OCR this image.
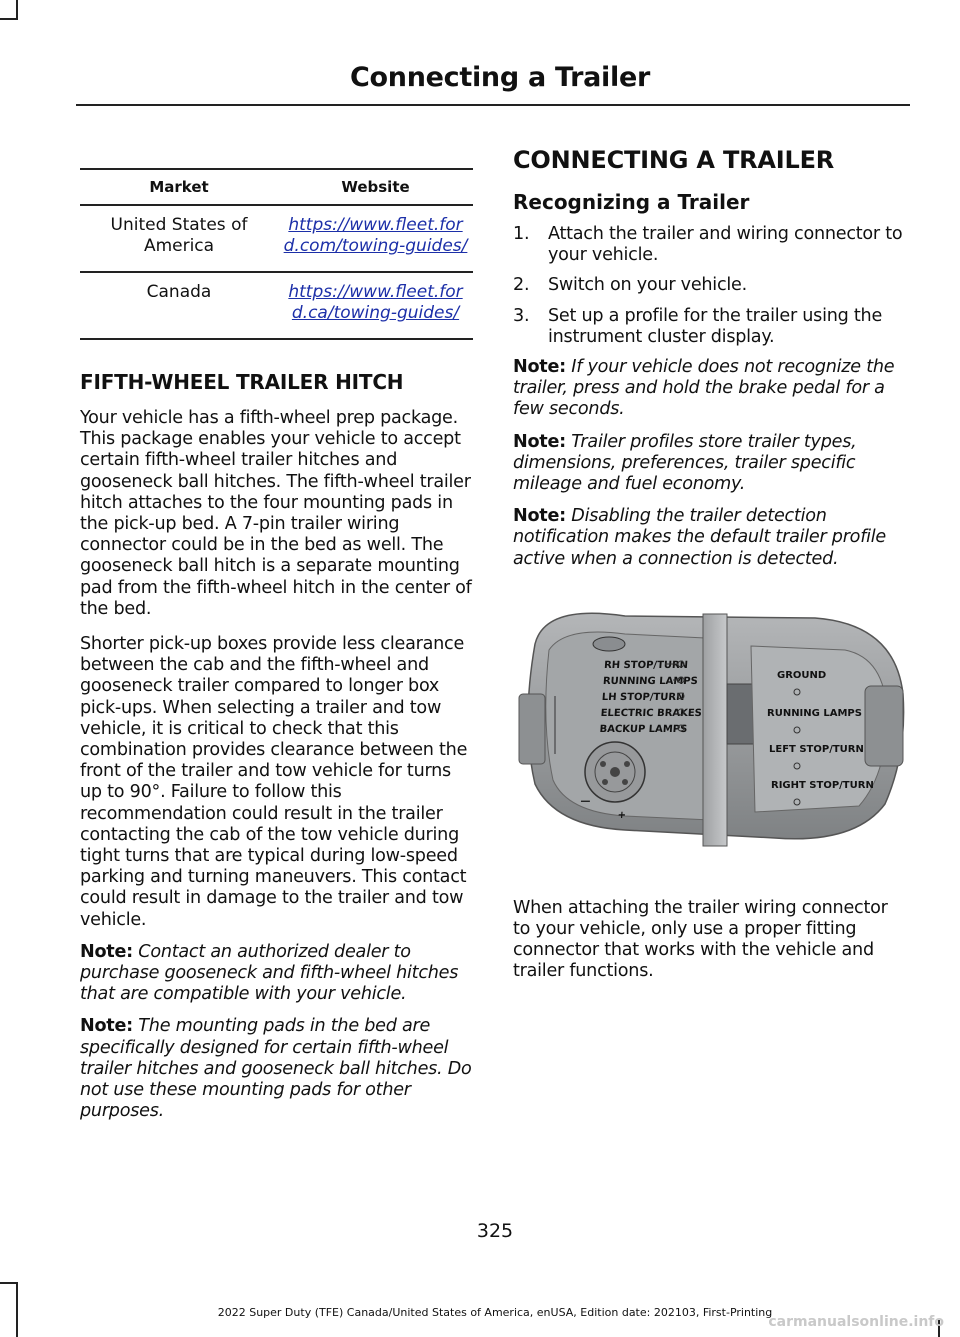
Connecting a Trailer
Market	Website
United States of America	https://www.fleet.ford.com/towing-guides/
Canada	https://www.fleet.ford.ca/towing-guides/
FIFTH-WHEEL TRAILER HITCH

Your vehicle has a fifth-wheel prep package. This package enables your vehicle to accept certain fifth-wheel trailer hitches and gooseneck ball hitches. The fifth-wheel trailer hitch attaches to the four mounting pads in the pick-up bed. A 7-pin trailer wiring connector could be in the bed as well. The gooseneck ball hitch is a separate mounting pad from the fifth-wheel hitch in the center of the bed.

Shorter pick-up boxes provide less clearance between the cab and the fifth-wheel and gooseneck trailer compared to longer box pick-ups. When selecting a trailer and tow vehicle, it is critical to check that this combination provides clearance between the front of the trailer and tow vehicle for turns up to 90°. Failure to follow this recommendation could result in the trailer contacting the cab of the tow vehicle during tight turns that are typical during low-speed parking and turning maneuvers. This contact could result in damage to the trailer and tow vehicle.

Note: Contact an authorized dealer to purchase gooseneck and fifth-wheel hitches that are compatible with your vehicle.

Note: The mounting pads in the bed are specifically designed for certain fifth-wheel trailer hitches and gooseneck ball hitches. Do not use these mounting pads for other purposes.

CONNECTING A TRAILER
Recognizing a Trailer
1.	Attach the trailer and wiring connector to your vehicle.
2.	Switch on your vehicle.
3.	Set up a profile for the trailer using the instrument cluster display.

Note: If your vehicle does not recognize the trailer, press and hold the brake pedal for a few seconds.

Note: Trailer profiles store trailer types, dimensions, preferences, trailer specific mileage and fuel economy.

Note: Disabling the trailer detection notification makes the default trailer profile active when a connection is detected.

RH STOP/TURN
RUNNING LAMPS
LH STOP/TURN
ELECTRIC BRAKES
BACKUP LAMPS
+
—
GROUND
RUNNING LAMPS
LEFT STOP/TURN
RIGHT STOP/TURN

When attaching the trailer wiring connector to your vehicle, only use a proper fitting connector that works with the vehicle and trailer functions.

325
2022 Super Duty (TFE) Canada/United States of America, enUSA, Edition date: 202103, First-Printing
carmanualsonline.info
